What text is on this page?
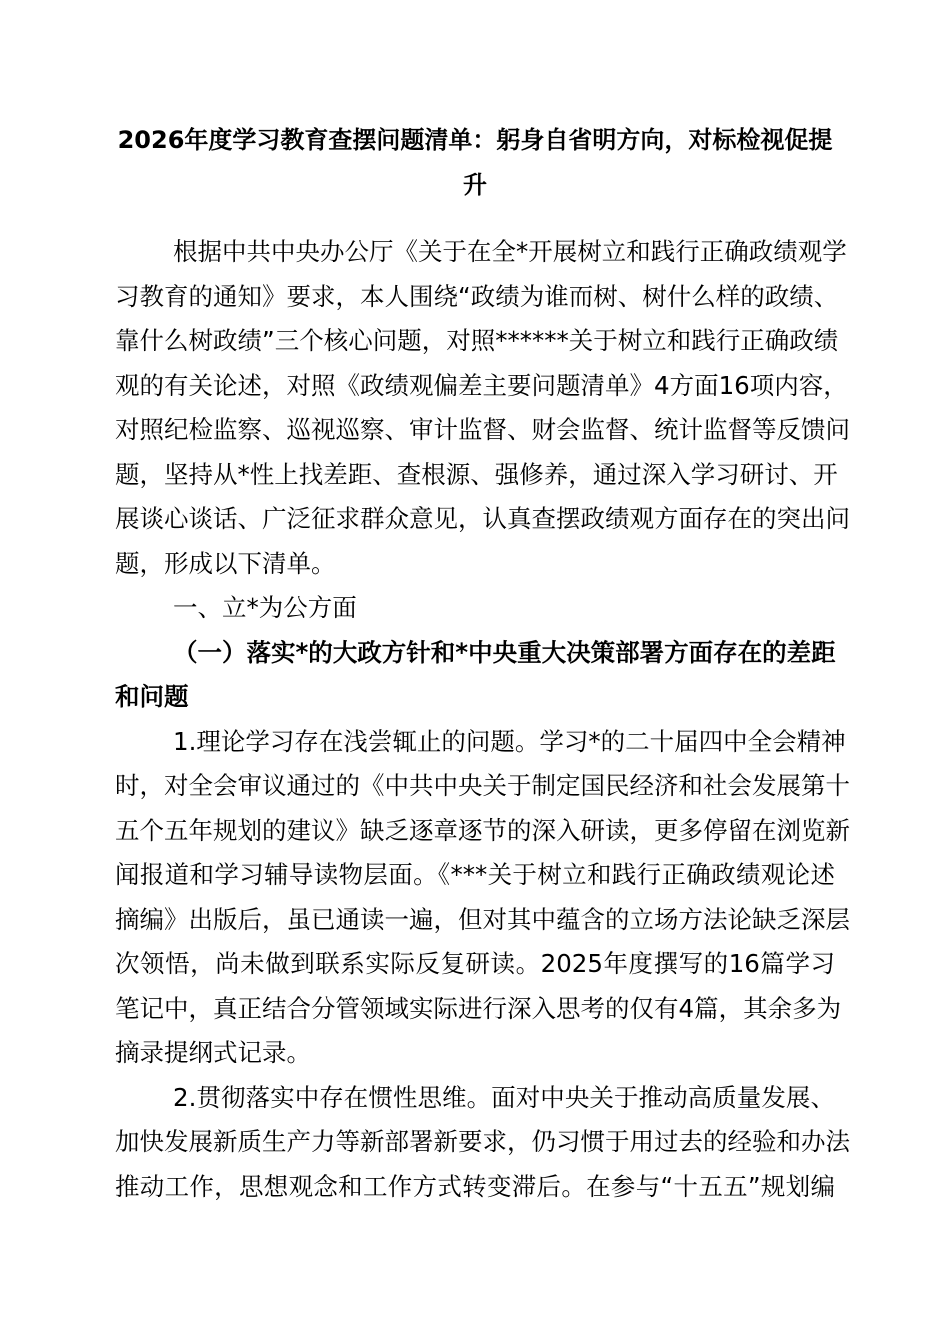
2026年度学习教育查摆问题清单：躬身自省明方向，对标检视促提
升
根据中共中央办公厅《关于在全*开展树立和践行正确政绩观学
习教育的通知》要求，本人围绕“政绩为谁而树、树什么样的政绩、
靠什么树政绩”三个核心问题，对照******关于树立和践行正确政绩
观的有关论述，对照《政绩观偏差主要问题清单》4方面16项内容，
对照纪检监察、巡视巡察、审计监督、财会监督、统计监督等反馈问
题，坚持从*性上找差距、查根源、强修养，通过深入学习研讨、开
展谈心谈话、广泛征求群众意见，认真查摆政绩观方面存在的突出问
题，形成以下清单。
一、立*为公方面
（一）落实*的大政方针和*中央重大决策部署方面存在的差距
和问题
1.理论学习存在浅尝辄止的问题。学习*的二十届四中全会精神
时，对全会审议通过的《中共中央关于制定国民经济和社会发展第十
五个五年规划的建议》缺乏逐章逐节的深入研读，更多停留在浏览新
闻报道和学习辅导读物层面。《***关于树立和践行正确政绩观论述
摘编》出版后，虽已通读一遍，但对其中蕴含的立场方法论缺乏深层
次领悟，尚未做到联系实际反复研读。2025年度撰写的16篇学习
笔记中，真正结合分管领域实际进行深入思考的仅有4篇，其余多为
摘录提纲式记录。
2.贯彻落实中存在惯性思维。面对中央关于推动高质量发展、
加快发展新质生产力等新部署新要求，仍习惯于用过去的经验和办法
推动工作，思想观念和工作方式转变滞后。在参与“十五五”规划编
